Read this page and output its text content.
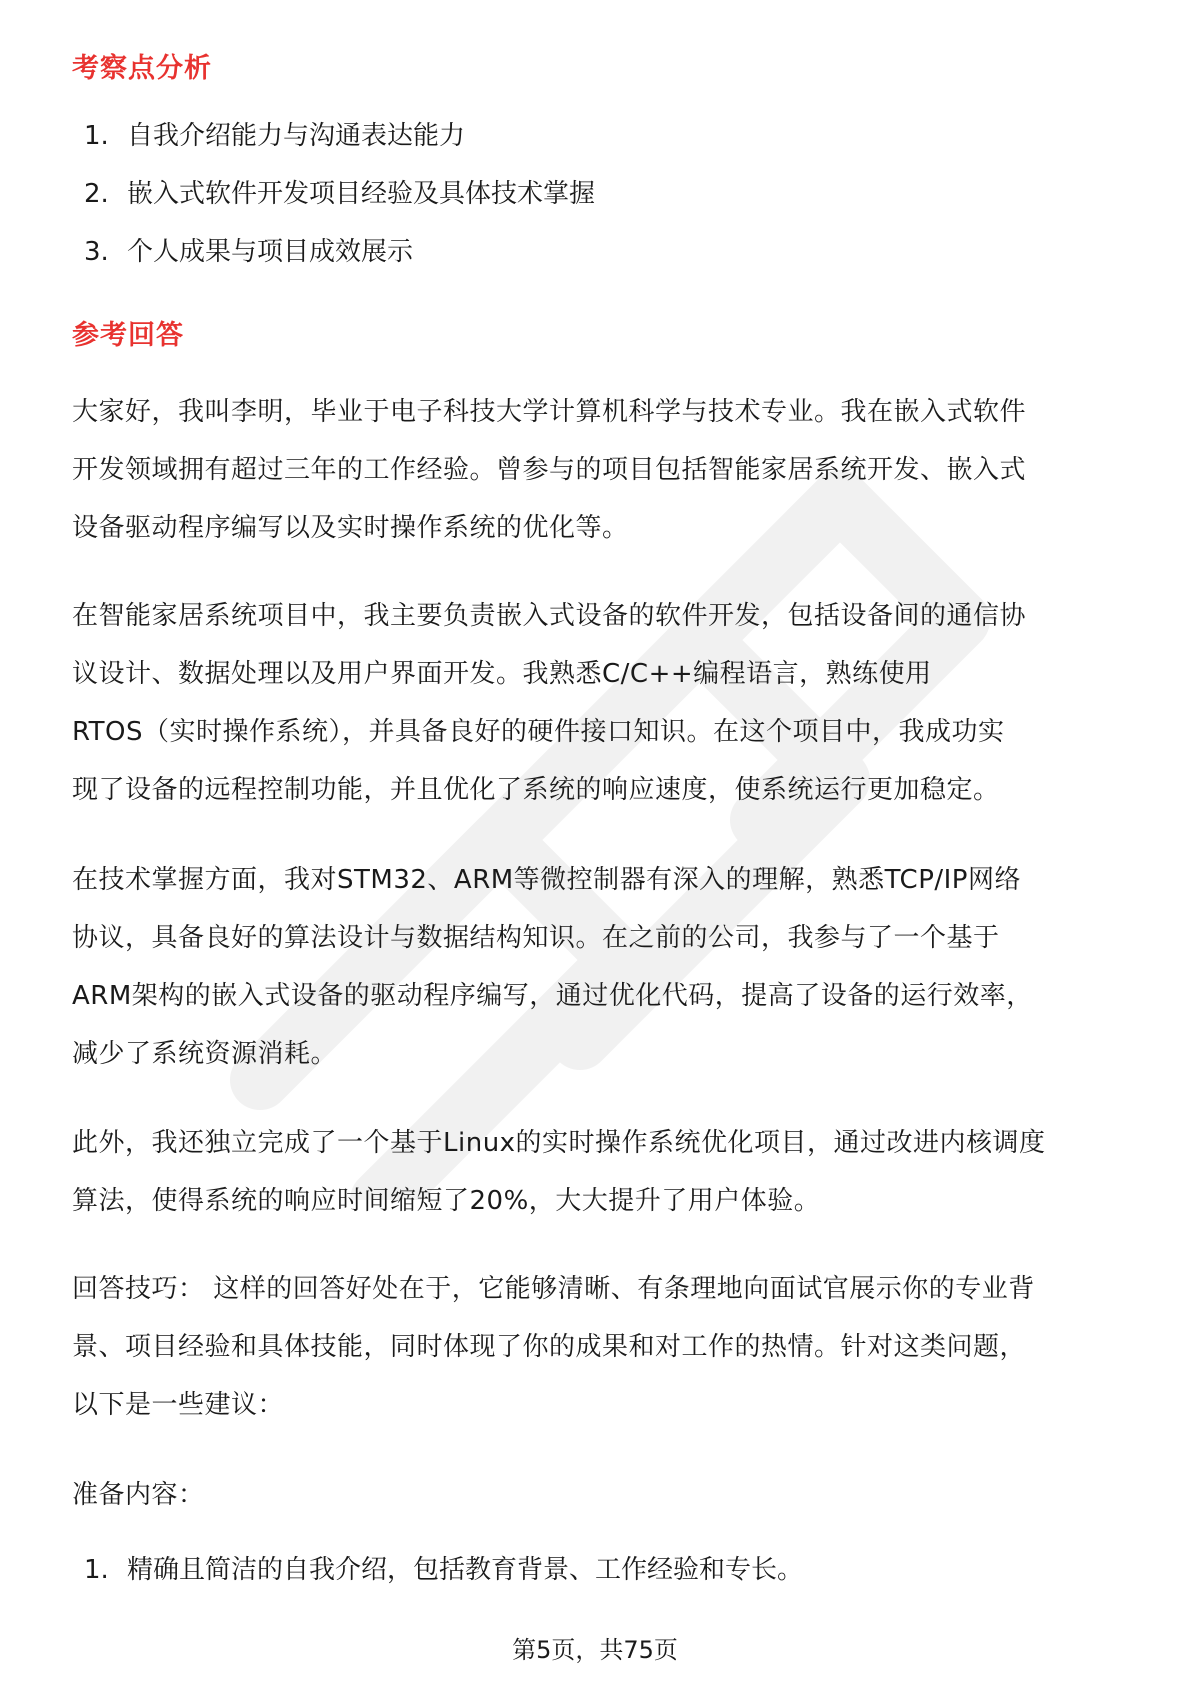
考察点分析
1. 自我介绍能力与沟通表达能力
2. 嵌入式软件开发项目经验及具体技术掌握
3. 个人成果与项目成效展示
参考回答

大家好，我叫李明，毕业于电子科技大学计算机科学与技术专业。我在嵌入式软件
开发领域拥有超过三年的工作经验。曾参与的项目包括智能家居系统开发、嵌入式
设备驱动程序编写以及实时操作系统的优化等。

在智能家居系统项目中，我主要负责嵌入式设备的软件开发，包括设备间的通信协
议设计、数据处理以及用户界面开发。我熟悉C/C++编程语言，熟练使用
RTOS（实时操作系统），并具备良好的硬件接口知识。在这个项目中，我成功实
现了设备的远程控制功能，并且优化了系统的响应速度，使系统运行更加稳定。

在技术掌握方面，我对STM32、ARM等微控制器有深入的理解，熟悉TCP/IP网络
协议，具备良好的算法设计与数据结构知识。在之前的公司，我参与了一个基于
ARM架构的嵌入式设备的驱动程序编写，通过优化代码，提高了设备的运行效率，
减少了系统资源消耗。

此外，我还独立完成了一个基于Linux的实时操作系统优化项目，通过改进内核调度
算法，使得系统的响应时间缩短了20%，大大提升了用户体验。

回答技巧： 这样的回答好处在于，它能够清晰、有条理地向面试官展示你的专业背
景、项目经验和具体技能，同时体现了你的成果和对工作的热情。针对这类问题，
以下是一些建议：

准备内容：

1. 精确且简洁的自我介绍，包括教育背景、工作经验和专长。
第5页，共75页
